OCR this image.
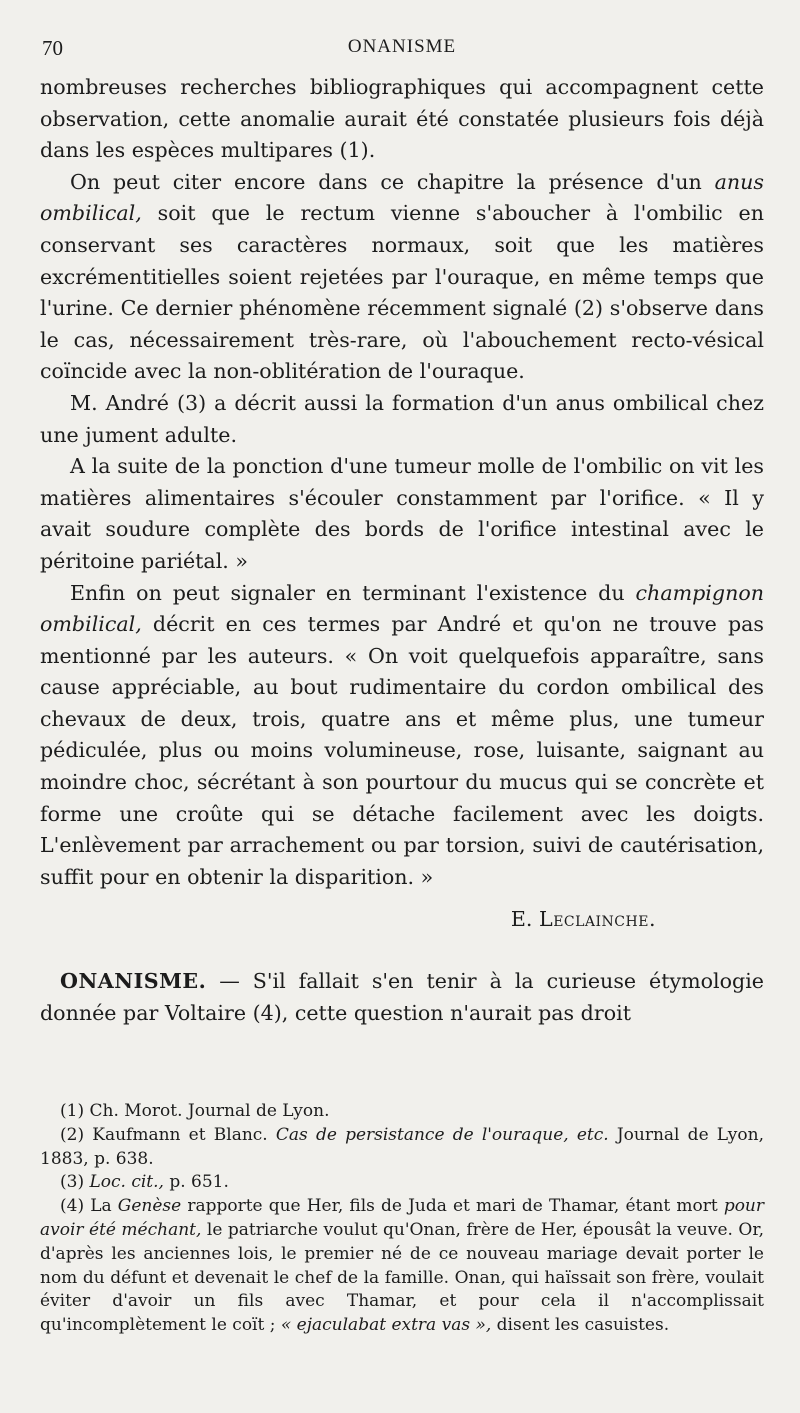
70	ONANISME

nombreuses recherches bibliographiques qui accompagnent cette observation, cette anomalie aurait été constatée plusieurs fois déjà dans les espèces multipares (1).

On peut citer encore dans ce chapitre la présence d'un anus ombilical, soit que le rectum vienne s'aboucher à l'ombilic en conservant ses caractères normaux, soit que les matières excrémentitielles soient rejetées par l'ouraque, en même temps que l'urine. Ce dernier phénomène récemment signalé (2) s'observe dans le cas, nécessairement très-rare, où l'abouchement recto-vésical coïncide avec la non-oblitération de l'ouraque.

M. André (3) a décrit aussi la formation d'un anus ombilical chez une jument adulte.

A la suite de la ponction d'une tumeur molle de l'ombilic on vit les matières alimentaires s'écouler constamment par l'orifice. « Il y avait soudure complète des bords de l'orifice intestinal avec le péritoine pariétal. »

Enfin on peut signaler en terminant l'existence du champignon ombilical, décrit en ces termes par André et qu'on ne trouve pas mentionné par les auteurs. « On voit quelquefois apparaître, sans cause appréciable, au bout rudimentaire du cordon ombilical des chevaux de deux, trois, quatre ans et même plus, une tumeur pédiculée, plus ou moins volumineuse, rose, luisante, saignant au moindre choc, sécrétant à son pourtour du mucus qui se concrète et forme une croûte qui se détache facilement avec les doigts. L'enlèvement par arrachement ou par torsion, suivi de cautérisation, suffit pour en obtenir la disparition. »

E. Leclainche.

ONANISME. — S'il fallait s'en tenir à la curieuse étymologie donnée par Voltaire (4), cette question n'aurait pas droit

(1) Ch. Morot. Journal de Lyon.

(2) Kaufmann et Blanc. Cas de persistance de l'ouraque, etc. Journal de Lyon, 1883, p. 638.

(3) Loc. cit., p. 651.

(4) La Genèse rapporte que Her, fils de Juda et mari de Thamar, étant mort pour avoir été méchant, le patriarche voulut qu'Onan, frère de Her, épousât la veuve. Or, d'après les anciennes lois, le premier né de ce nouveau mariage devait porter le nom du défunt et devenait le chef de la famille. Onan, qui haïssait son frère, voulait éviter d'avoir un fils avec Thamar, et pour cela il n'accomplissait qu'incomplètement le coït ; « ejaculabat extra vas », disent les casuistes.
